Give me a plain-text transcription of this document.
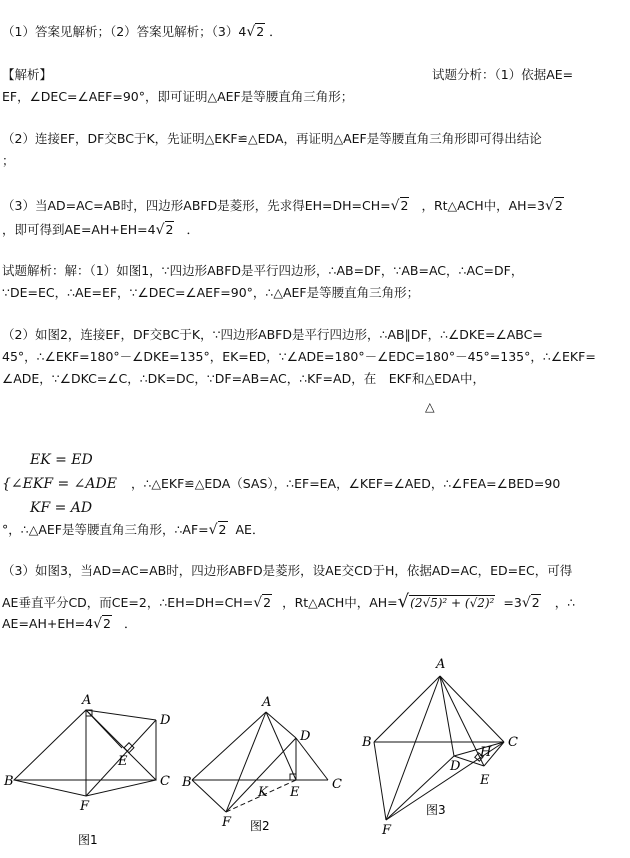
（1）答案见解析；（2）答案见解析；（3）4√2 ．
【解析】	试题分析：（1）依据AE=
EF，∠DEC=∠AEF=90°，即可证明△AEF是等腰直角三角形；
（2）连接EF，DF交BC于K，先证明△EKF≌△EDA，再证明△AEF是等腰直角三角形即可得出结论
；
（3）当AD=AC=AB时，四边形ABFD是菱形，先求得EH=DH=CH=√2 ，Rt△ACH中，AH=3√2
，即可得到AE=AH+EH=4√2 ．
试题解析：解：（1）如图1，∵四边形ABFD是平行四边形，∴AB=DF，∵AB=AC，∴AC=DF，
∵DE=EC，∴AE=EF，∵∠DEC=∠AEF=90°，∴△AEF是等腰直角三角形；
（2）如图2，连接EF，DF交BC于K，∵四边形ABFD是平行四边形，∴AB∥DF，∴∠DKE=∠ABC=
45°，∴∠EKF=180°－∠DKE=135°，EK=ED，∵∠ADE=180°－∠EDC=180°－45°=135°，∴∠EKF=
∠ADE，∵∠DKC=∠C，∴DK=DC，∵DF=AB=AC，∴KF=AD，在　EKF和△EDA中，
△
EK = ED
{∠EKF = ∠ADE ，∴△EKF≌△EDA（SAS），∴EF=EA，∠KEF=∠AED，∴∠FEA=∠BED=90
KF = AD
°，∴△AEF是等腰直角三角形，∴AF=√2 AE．
（3）如图3，当AD=AC=AB时，四边形ABFD是菱形，设AE交CD于H，依据AD=AC，ED=EC，可得
AE垂直平分CD，而CE=2，∴EH=DH=CH=√2 ，Rt△ACH中，AH=√(2√5)² + (√2)² =3√2 ，∴
AE=AH+EH=4√2 ．
A
B	C
D
E
F
图1
A
B	C
D
E
F
K
图2
A
B	C
D
E
F
H
图3
